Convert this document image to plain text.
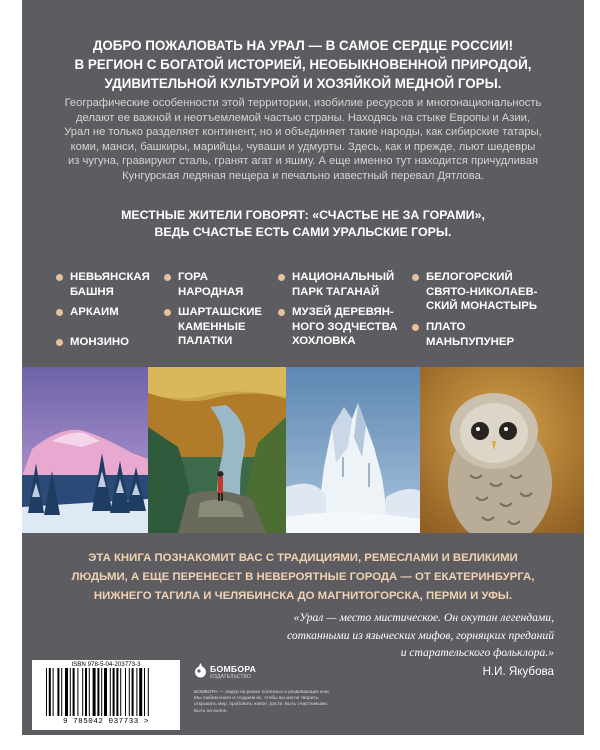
ДОБРО ПОЖАЛОВАТЬ НА УРАЛ — В САМОЕ СЕРДЦЕ РОССИИ!
В РЕГИОН С БОГАТОЙ ИСТОРИЕЙ, НЕОБЫКНОВЕННОЙ ПРИРОДОЙ,
УДИВИТЕЛЬНОЙ КУЛЬТУРОЙ И ХОЗЯЙКОЙ МЕДНОЙ ГОРЫ.

Географические особенности этой территории, изобилие ресурсов и многонациональность делают ее важной и неотъемлемой частью страны. Находясь на стыке Европы и Азии, Урал не только разделяет континент, но и объединяет такие народы, как сибирские татары, коми, манси, башкиры, марийцы, чуваши и удмурты. Здесь, как и прежде, льют шедевры из чугуна, гравируют сталь, гранят агат и яшму. А еще именно тут находится причудливая Кунгурская ледяная пещера и печально известный перевал Дятлова.

МЕСТНЫЕ ЖИТЕЛИ ГОВОРЯТ: «СЧАСТЬЕ НЕ ЗА ГОРАМИ»,
ВЕДЬ СЧАСТЬЕ ЕСТЬ САМИ УРАЛЬСКИЕ ГОРЫ.

НЕВЬЯНСКАЯ
БАШНЯ
АРКАИМ
МОНЗИНО
ГОРА
НАРОДНАЯ
ШАРТАШСКИЕ
КАМЕННЫЕ
ПАЛАТКИ
НАЦИОНАЛЬНЫЙ
ПАРК ТАГАНАЙ
МУЗЕЙ ДЕРЕВЯН-
НОГО ЗОДЧЕСТВА
ХОХЛОВКА
БЕЛОГОРСКИЙ
СВЯТО-НИКОЛАЕВ-
СКИЙ МОНАСТЫРЬ
ПЛАТО
МАНЬПУПУНЕР

ЭТА КНИГА ПОЗНАКОМИТ ВАС С ТРАДИЦИЯМИ, РЕМЕСЛАМИ И ВЕЛИКИМИ
ЛЮДЬМИ, А ЕЩЕ ПЕРЕНЕСЕТ В НЕВЕРОЯТНЫЕ ГОРОДА — ОТ ЕКАТЕРИНБУРГА,
НИЖНЕГО ТАГИЛА И ЧЕЛЯБИНСКА ДО МАГНИТОГОРСКА, ПЕРМИ И УФЫ.

«Урал — место мистическое. Он окутан легендами,
сотканными из языческих мифов, горняцких преданий
и старательского фольклора.»

Н.И. Якубова
ISBN 978-5-04-203773-3
9 785042 037733 >
БОМБОРА
ИЗДАТЕЛЬСТВО

БОМБОРА — лидер на рынке полезных и развивающих книг. Мы любим книги и создаем их, чтобы вы могли творить, открывать мир, пробовать новое, расти. Быть счастливыми. Быть на волне.
